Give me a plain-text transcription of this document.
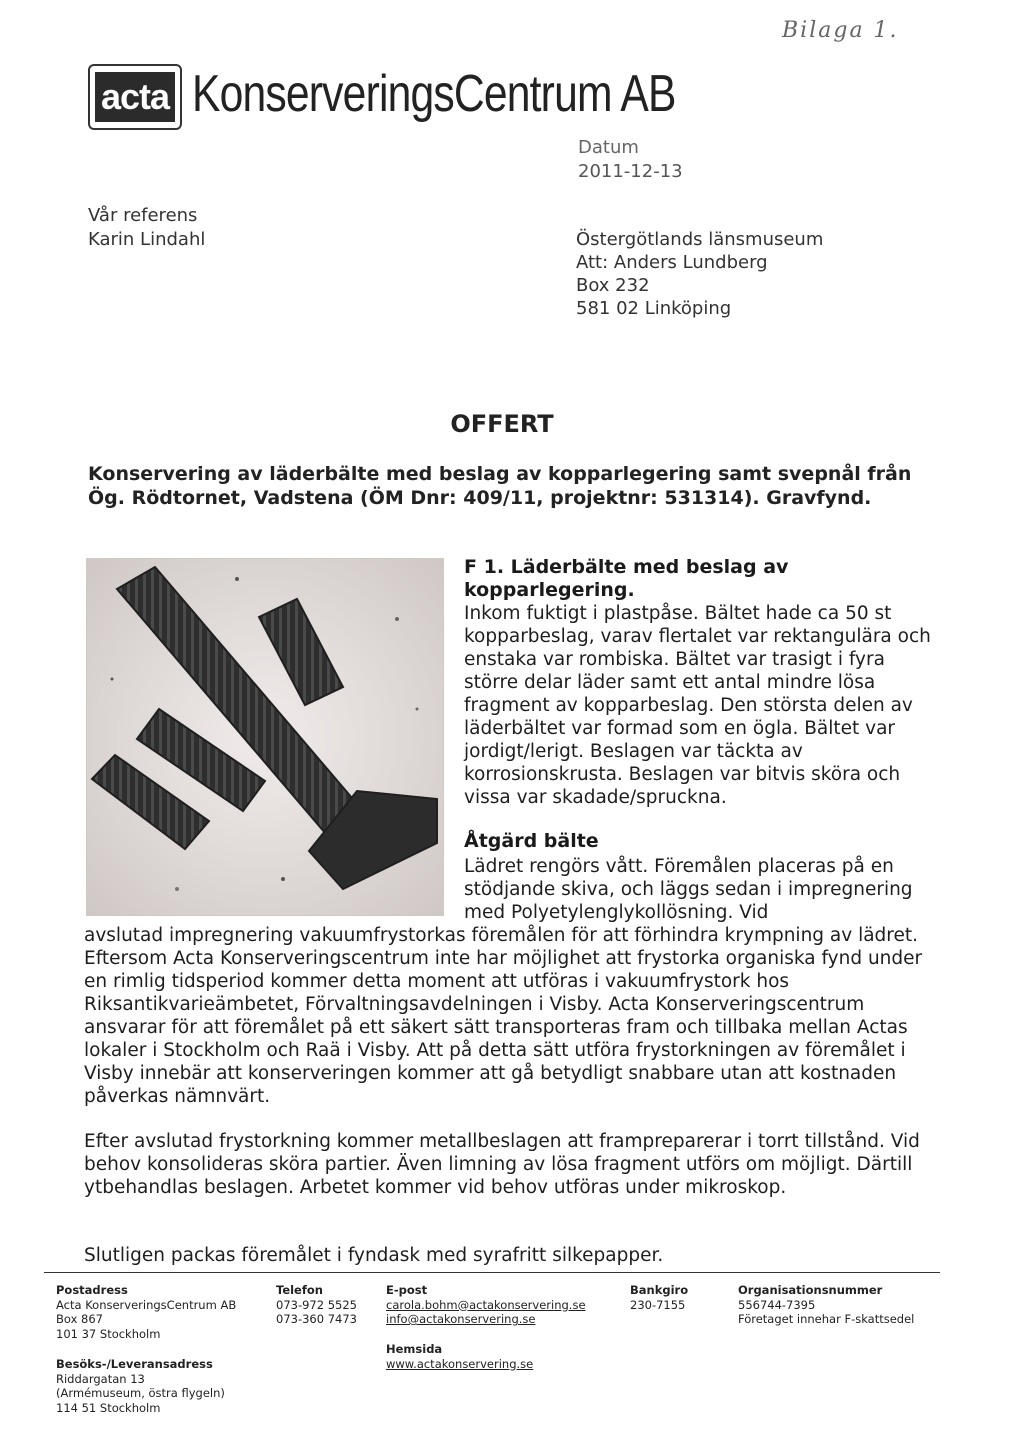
Bilaga 1.
acta KonserveringsCentrum AB
Datum
2011-12-13
Vår referens
Karin Lindahl	Östergötlands länsmuseum
Att: Anders Lundberg
Box 232
581 02 Linköping
OFFERT
Konservering av läderbälte med beslag av kopparlegering samt svepnål från Ög. Rödtornet, Vadstena (ÖM Dnr: 409/11, projektnr: 531314). Gravfynd.
F 1. Läderbälte med beslag av kopparlegering.

Inkom fuktigt i plastpåse. Bältet hade ca 50 st kopparbeslag, varav flertalet var rektangulära och enstaka var rombiska. Bältet var trasigt i fyra större delar läder samt ett antal mindre lösa fragment av kopparbeslag. Den största delen av läderbältet var formad som en ögla. Bältet var jordigt/lerigt. Beslagen var täckta av korrosionskrusta. Beslagen var bitvis sköra och vissa var skadade/spruckna.

Åtgärd bälte

Lädret rengörs vått. Föremålen placeras på en stödjande skiva, och läggs sedan i impregnering med Polyetylenglykollösning. Vid

avslutad impregnering vakuumfrystorkas föremålen för att förhindra krympning av lädret. Eftersom Acta Konserveringscentrum inte har möjlighet att frystorka organiska fynd under en rimlig tidsperiod kommer detta moment att utföras i vakuumfrystork hos Riksantikvarieämbetet, Förvaltningsavdelningen i Visby. Acta Konserveringscentrum ansvarar för att föremålet på ett säkert sätt transporteras fram och tillbaka mellan Actas lokaler i Stockholm och Raä i Visby. Att på detta sätt utföra frystorkningen av föremålet i Visby innebär att konserveringen kommer att gå betydligt snabbare utan att kostnaden påverkas nämnvärt.

Efter avslutad frystorkning kommer metallbeslagen att frampreparerar i torrt tillstånd. Vid behov konsolideras sköra partier. Även limning av lösa fragment utförs om möjligt. Därtill ytbehandlas beslagen. Arbetet kommer vid behov utföras under mikroskop.

Slutligen packas föremålet i fyndask med syrafritt silkepapper.

Postadress
Acta KonserveringsCentrum AB
Box 867
101 37 Stockholm
Besöks-/Leveransadress
Riddargatan 13
(Armémuseum, östra flygeln)
114 51 Stockholm
Telefon
073-972 5525
073-360 7473
E-post
carola.bohm@actakonservering.se
info@actakonservering.se
Hemsida
www.actakonservering.se
Bankgiro
230-7155
Organisationsnummer
556744-7395
Företaget innehar F-skattsedel
